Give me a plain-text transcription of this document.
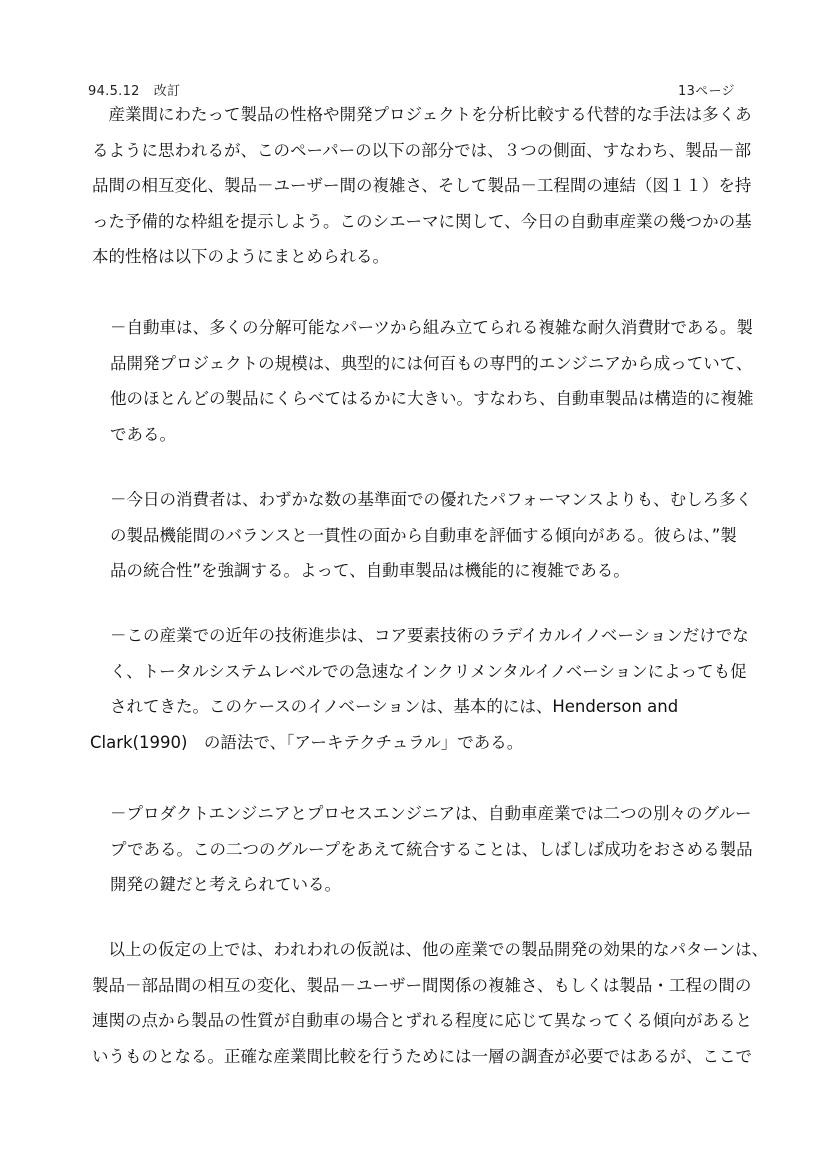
94.5.12 改訂	13ページ
　産業間にわたって製品の性格や開発プロジェクトを分析比較する代替的な手法は多くあ
るように思われるが、このペーパーの以下の部分では、３つの側面、すなわち、製品－部
品間の相互変化、製品－ユーザー間の複雑さ、そして製品－工程間の連結（図１１）を持
った予備的な枠組を提示しよう。このシエーマに関して、今日の自動車産業の幾つかの基
本的性格は以下のようにまとめられる。
－自動車は、多くの分解可能なパーツから組み立てられる複雑な耐久消費財である。製
品開発プロジェクトの規模は、典型的には何百もの専門的エンジニアから成っていて、
他のほとんどの製品にくらべてはるかに大きい。すなわち、自動車製品は構造的に複雑
である。
－今日の消費者は、わずかな数の基準面での優れたパフォーマンスよりも、むしろ多く
の製品機能間のバランスと一貫性の面から自動車を評価する傾向がある。彼らは、”製
品の統合性”を強調する。よって、自動車製品は機能的に複雑である。
－この産業での近年の技術進歩は、コア要素技術のラデイカルイノベーションだけでな
く、トータルシステムレベルでの急速なインクリメンタルイノベーションによっても促
されてきた。このケースのイノベーションは、基本的には、Henderson and
Clark(1990)　の語法で、「アーキテクチュラル」である。
－プロダクトエンジニアとプロセスエンジニアは、自動車産業では二つの別々のグルー
プである。この二つのグループをあえて統合することは、しばしば成功をおさめる製品
開発の鍵だと考えられている。
　以上の仮定の上では、われわれの仮説は、他の産業での製品開発の効果的なパターンは、
製品－部品間の相互の変化、製品－ユーザー間関係の複雑さ、もしくは製品・工程の間の
連関の点から製品の性質が自動車の場合とずれる程度に応じて異なってくる傾向があると
いうものとなる。正確な産業間比較を行うためには一層の調査が必要ではあるが、ここで
